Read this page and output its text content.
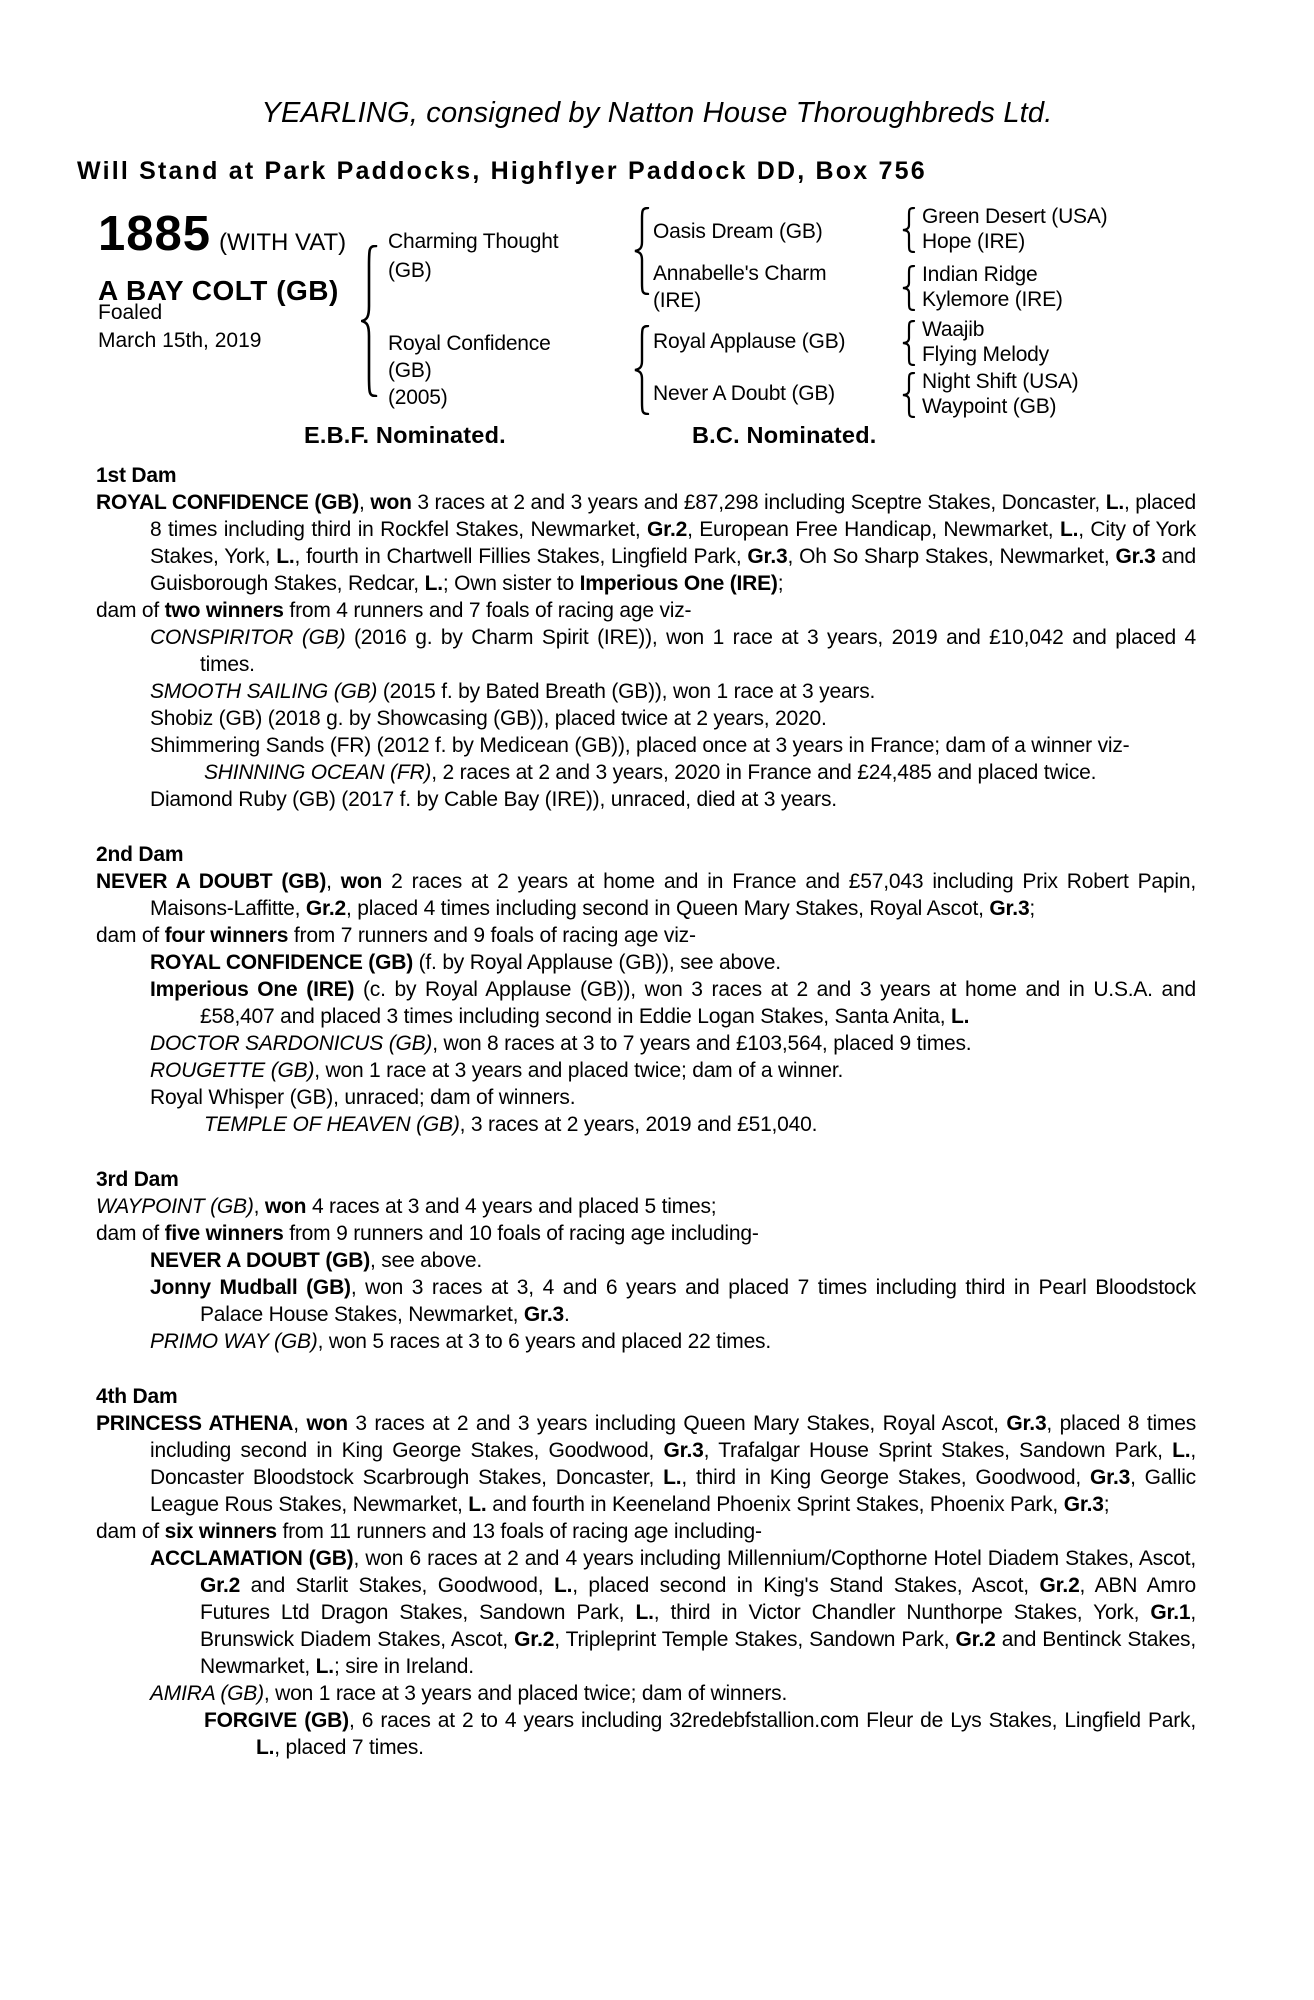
YEARLING, consigned by Natton House Thoroughbreds Ltd.
Will Stand at Park Paddocks, Highflyer Paddock DD, Box 756
1885 (WITH VAT)
A BAY COLT (GB)
Foaled
March 15th, 2019
Charming Thought
(GB)
Royal Confidence
(GB)
(2005)
Oasis Dream (GB)
Annabelle's Charm
(IRE)
Royal Applause (GB)
Never A Doubt (GB)
Green Desert (USA)
Hope (IRE)
Indian Ridge
Kylemore (IRE)
Waajib
Flying Melody
Night Shift (USA)
Waypoint (GB)
E.B.F. Nominated.	B.C. Nominated.
1st Dam
ROYAL CONFIDENCE (GB), won 3 races at 2 and 3 years and £87,298 including Sceptre Stakes, Doncaster, L., placed 8 times including third in Rockfel Stakes, Newmarket, Gr.2, European Free Handicap, Newmarket, L., City of York Stakes, York, L., fourth in Chartwell Fillies Stakes, Lingfield Park, Gr.3, Oh So Sharp Stakes, Newmarket, Gr.3 and Guisborough Stakes, Redcar, L.; Own sister to Imperious One (IRE);
dam of two winners from 4 runners and 7 foals of racing age viz-
CONSPIRITOR (GB) (2016 g. by Charm Spirit (IRE)), won 1 race at 3 years, 2019 and £10,042 and placed 4 times.
SMOOTH SAILING (GB) (2015 f. by Bated Breath (GB)), won 1 race at 3 years.
Shobiz (GB) (2018 g. by Showcasing (GB)), placed twice at 2 years, 2020.
Shimmering Sands (FR) (2012 f. by Medicean (GB)), placed once at 3 years in France; dam of a winner viz-
SHINNING OCEAN (FR), 2 races at 2 and 3 years, 2020 in France and £24,485 and placed twice.
Diamond Ruby (GB) (2017 f. by Cable Bay (IRE)), unraced, died at 3 years.
2nd Dam
NEVER A DOUBT (GB), won 2 races at 2 years at home and in France and £57,043 including Prix Robert Papin, Maisons-Laffitte, Gr.2, placed 4 times including second in Queen Mary Stakes, Royal Ascot, Gr.3;
dam of four winners from 7 runners and 9 foals of racing age viz-
ROYAL CONFIDENCE (GB) (f. by Royal Applause (GB)), see above.
Imperious One (IRE) (c. by Royal Applause (GB)), won 3 races at 2 and 3 years at home and in U.S.A. and £58,407 and placed 3 times including second in Eddie Logan Stakes, Santa Anita, L.
DOCTOR SARDONICUS (GB), won 8 races at 3 to 7 years and £103,564, placed 9 times.
ROUGETTE (GB), won 1 race at 3 years and placed twice; dam of a winner.
Royal Whisper (GB), unraced; dam of winners.
TEMPLE OF HEAVEN (GB), 3 races at 2 years, 2019 and £51,040.
3rd Dam
WAYPOINT (GB), won 4 races at 3 and 4 years and placed 5 times;
dam of five winners from 9 runners and 10 foals of racing age including-
NEVER A DOUBT (GB), see above.
Jonny Mudball (GB), won 3 races at 3, 4 and 6 years and placed 7 times including third in Pearl Bloodstock Palace House Stakes, Newmarket, Gr.3.
PRIMO WAY (GB), won 5 races at 3 to 6 years and placed 22 times.
4th Dam
PRINCESS ATHENA, won 3 races at 2 and 3 years including Queen Mary Stakes, Royal Ascot, Gr.3, placed 8 times including second in King George Stakes, Goodwood, Gr.3, Trafalgar House Sprint Stakes, Sandown Park, L., Doncaster Bloodstock Scarbrough Stakes, Doncaster, L., third in King George Stakes, Goodwood, Gr.3, Gallic League Rous Stakes, Newmarket, L. and fourth in Keeneland Phoenix Sprint Stakes, Phoenix Park, Gr.3;
dam of six winners from 11 runners and 13 foals of racing age including-
ACCLAMATION (GB), won 6 races at 2 and 4 years including Millennium/Copthorne Hotel Diadem Stakes, Ascot, Gr.2 and Starlit Stakes, Goodwood, L., placed second in King's Stand Stakes, Ascot, Gr.2, ABN Amro Futures Ltd Dragon Stakes, Sandown Park, L., third in Victor Chandler Nunthorpe Stakes, York, Gr.1, Brunswick Diadem Stakes, Ascot, Gr.2, Tripleprint Temple Stakes, Sandown Park, Gr.2 and Bentinck Stakes, Newmarket, L.; sire in Ireland.
AMIRA (GB), won 1 race at 3 years and placed twice; dam of winners.
FORGIVE (GB), 6 races at 2 to 4 years including 32redebfstallion.com Fleur de Lys Stakes, Lingfield Park, L., placed 7 times.
